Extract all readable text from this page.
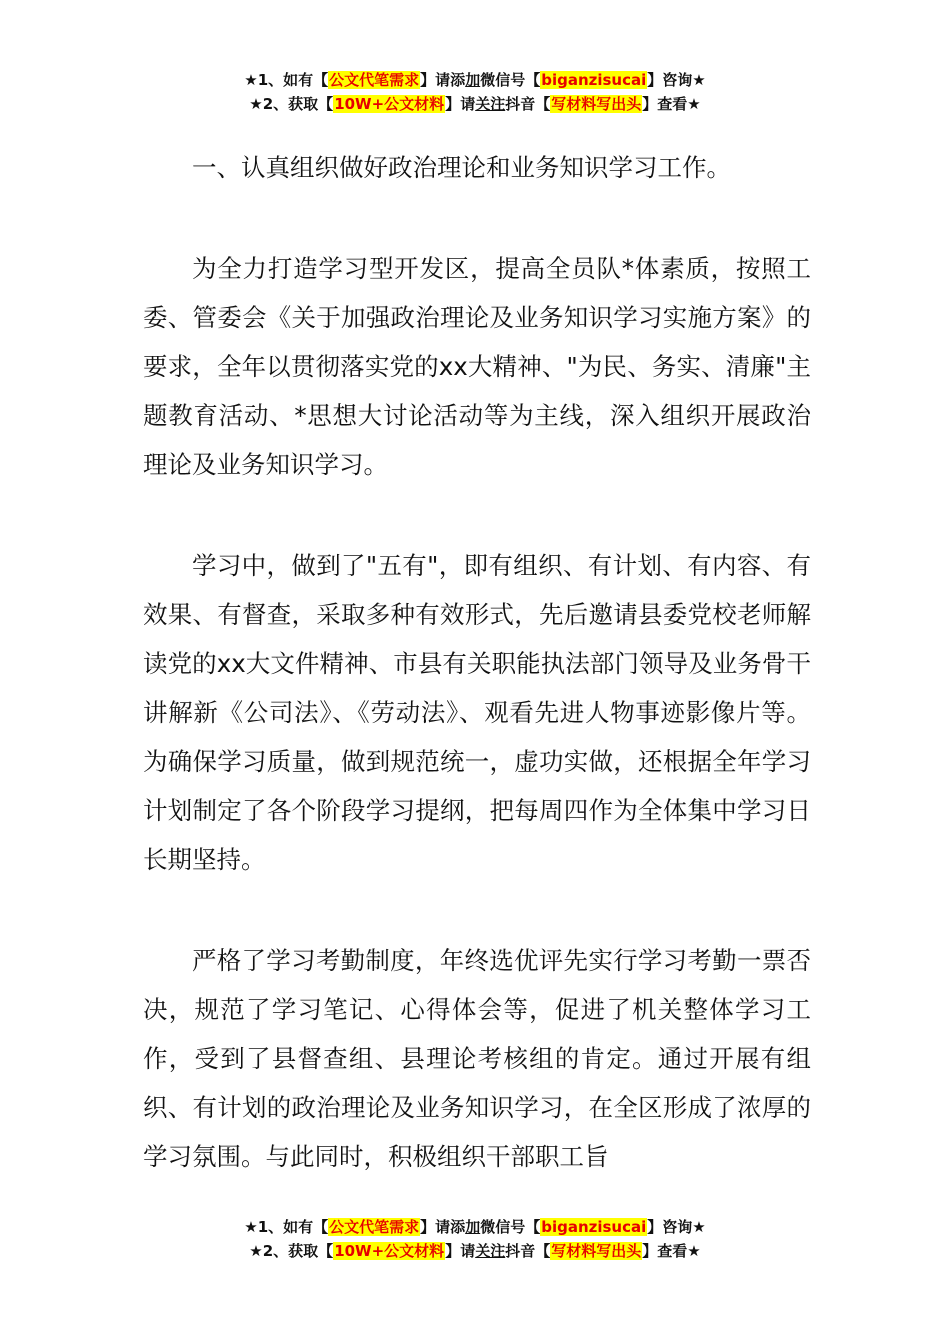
★1、如有【公文代笔需求】请添加微信号【biganzisucai】咨询★
★2、获取【10W+公文材料】请关注抖音【写材料写出头】查看★

一、认真组织做好政治理论和业务知识学习工作。

为全力打造学习型开发区，提高全员队*体素质，按照工委、管委会《关于加强政治理论及业务知识学习实施方案》的要求，全年以贯彻落实党的xx大精神、"为民、务实、清廉"主题教育活动、*思想大讨论活动等为主线，深入组织开展政治理论及业务知识学习。

学习中，做到了"五有"，即有组织、有计划、有内容、有效果、有督查，采取多种有效形式，先后邀请县委党校老师解读党的xx大文件精神、市县有关职能执法部门领导及业务骨干讲解新《公司法》、《劳动法》、观看先进人物事迹影像片等。为确保学习质量，做到规范统一，虚功实做，还根据全年学习计划制定了各个阶段学习提纲，把每周四作为全体集中学习日长期坚持。

严格了学习考勤制度，年终选优评先实行学习考勤一票否决，规范了学习笔记、心得体会等，促进了机关整体学习工作，受到了县督查组、县理论考核组的肯定。通过开展有组织、有计划的政治理论及业务知识学习，在全区形成了浓厚的学习氛围。与此同时，积极组织干部职工旨

★1、如有【公文代笔需求】请添加微信号【biganzisucai】咨询★
★2、获取【10W+公文材料】请关注抖音【写材料写出头】查看★
